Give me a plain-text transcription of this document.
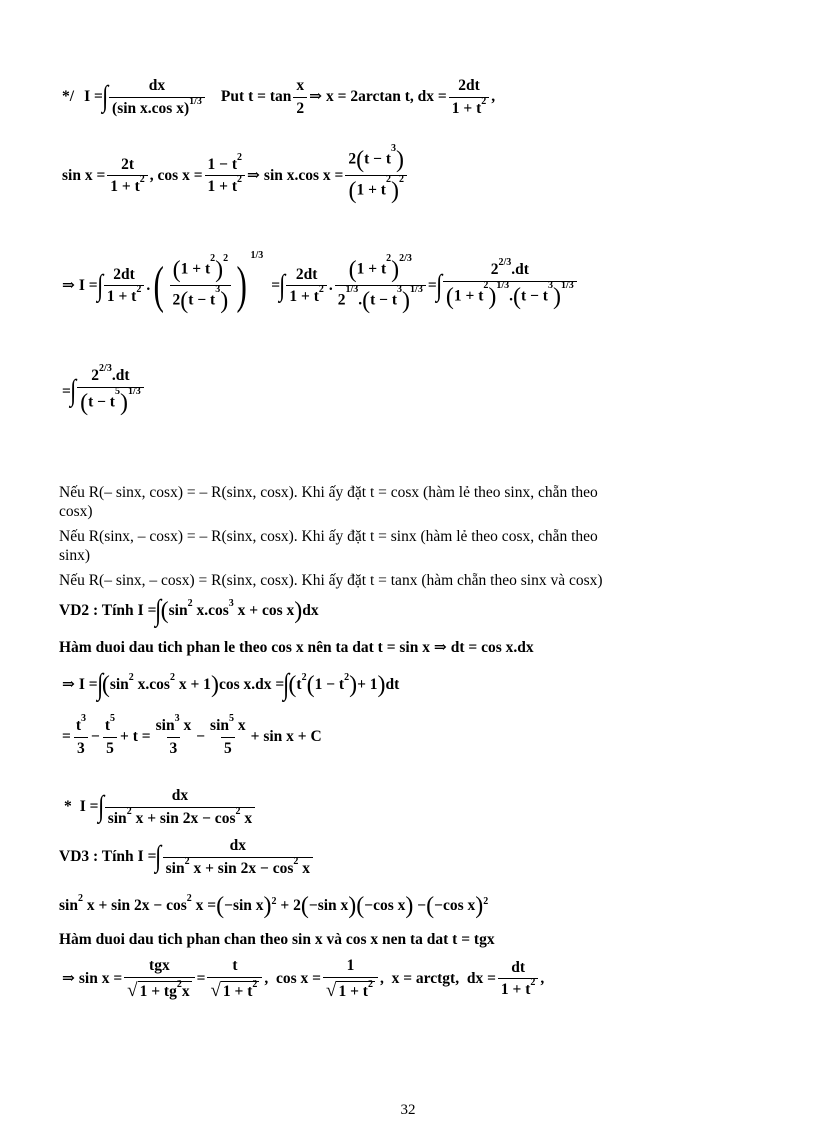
*/ I = ∫ $\frac{dx}{(\sin x.\cos x)^{1/3}}$ Put $t = \tan \frac{x}{2}$ ⇒ x = 2arctan t, dx = $\frac{2dt}{1 + t^2}$ ,
$\sin x = \frac{2t}{1 + t^2}$ , $\cos x = \frac{1 - t^2}{1 + t^2}$ ⇒ sin x.cos $x = \frac{2(t - t^3)}{(1 + t^2)^2}$
⇒ I = ∫ $\frac{2dt}{1 + t^2}$ . ( $\frac{(1 + t^2)^2}{2(t - t^3)}$ )
$^{1/3}$
= ∫ $\frac{2dt}{1 + t^2}$ . $\frac{(1 + t^2)^{2/3}}{2^{1/3}.(t - t^3)^{1/3}}$ = ∫ $\frac{2^{2/3}.dt}{(1 + t^2)^{1/3}.(t - t^3)^{1/3}}$
= ∫ $\frac{2^{2/3}.dt}{(t - t^5)^{1/3}}$
Nếu R(– sinx, cosx) = – R(sinx, cosx). Khi ấy đặt t = cosx (hàm lẻ theo sinx, chẵn theo
cosx)
Nếu R(sinx, – cosx) = – R(sinx, cosx). Khi ấy đặt t = sinx (hàm lẻ theo cosx, chẵn theo
sinx)
Nếu R(– sinx, – cosx) = R(sinx, cosx). Khi ấy đặt t = tanx (hàm chẵn theo sinx và cosx)
VD2 : Tính I = ∫ ( $\sin^2 x.\cos^3$ x + cos x ) dx
Hàm duoi dau tich phan le theo cos x nên ta dat t = sin x ⇒ dt = cos x.dx
⇒ I = ∫ ( $\sin^2 x.\cos^2$ x + 1 ) cos x.dx = ∫ ( $t^2$ ( $1 - t^2$ ) + 1 ) dt
= $\frac{t^3}{3} - \frac{t^5}{5} + t = \frac{\sin^3 x}{3} - \frac{\sin^5 x}{5} + \sin x + C$
* I = ∫ $\frac{dx}{\sin^2 x + \sin 2x - \cos^2 x}$
VD3 : Tính I = ∫ $\frac{dx}{\sin^2 x + \sin 2x - \cos^2 x}$
$\sin^2 x + \sin 2x - \cos^2 x$ = ( −sin x )$^2$ + 2 ( −sin x ) ( −cos x ) − ( −cos x )$^2$
Hàm duoi dau tich phan chan theo sin x và cos x nen ta dat t = tgx
⇒ $\sin x = \frac{\text{tgx}}{√ 1 + tg^2x} = \frac{t}{√ 1 + t^2}$ ,  $\cos x = \frac{1}{√ 1 + t^2}$ ,  x = arctgt,  dx = $\frac{dt}{1 + t^2}$ ,
32
